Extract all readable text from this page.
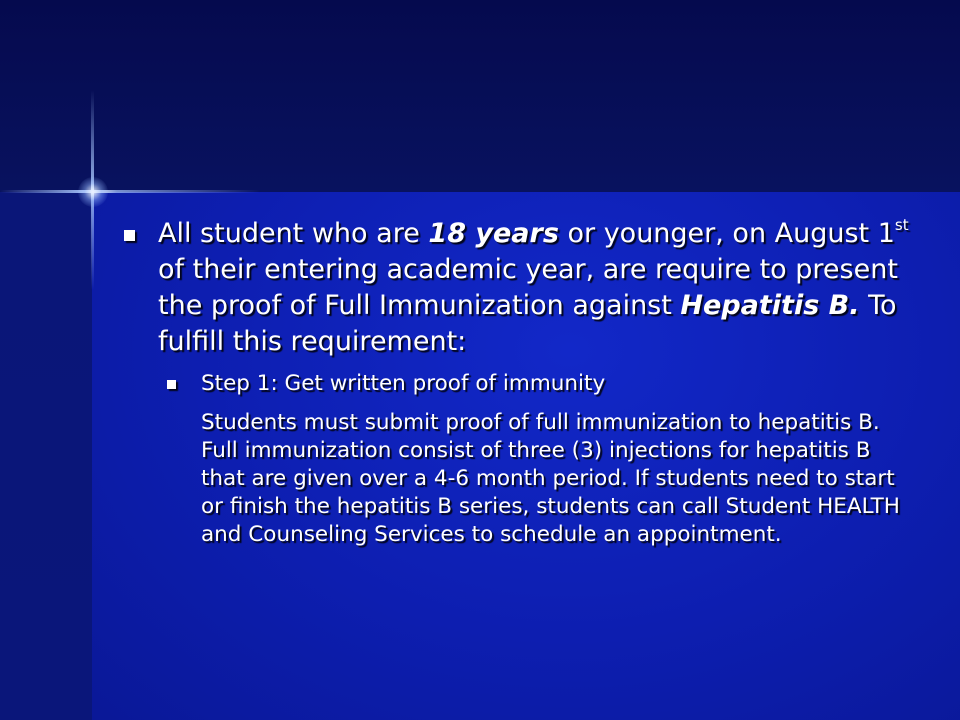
All student who are 18 years or younger, on August 1st of their entering academic year, are require to present the proof of Full Immunization against Hepatitis B. To fulfill this requirement:
Step 1: Get written proof of immunity
Students must submit proof of full immunization to hepatitis B. Full immunization consist of three (3) injections for hepatitis B that are given over a 4-6 month period. If students need to start or finish the hepatitis B series, students can call Student HEALTH and Counseling Services to schedule an appointment.
